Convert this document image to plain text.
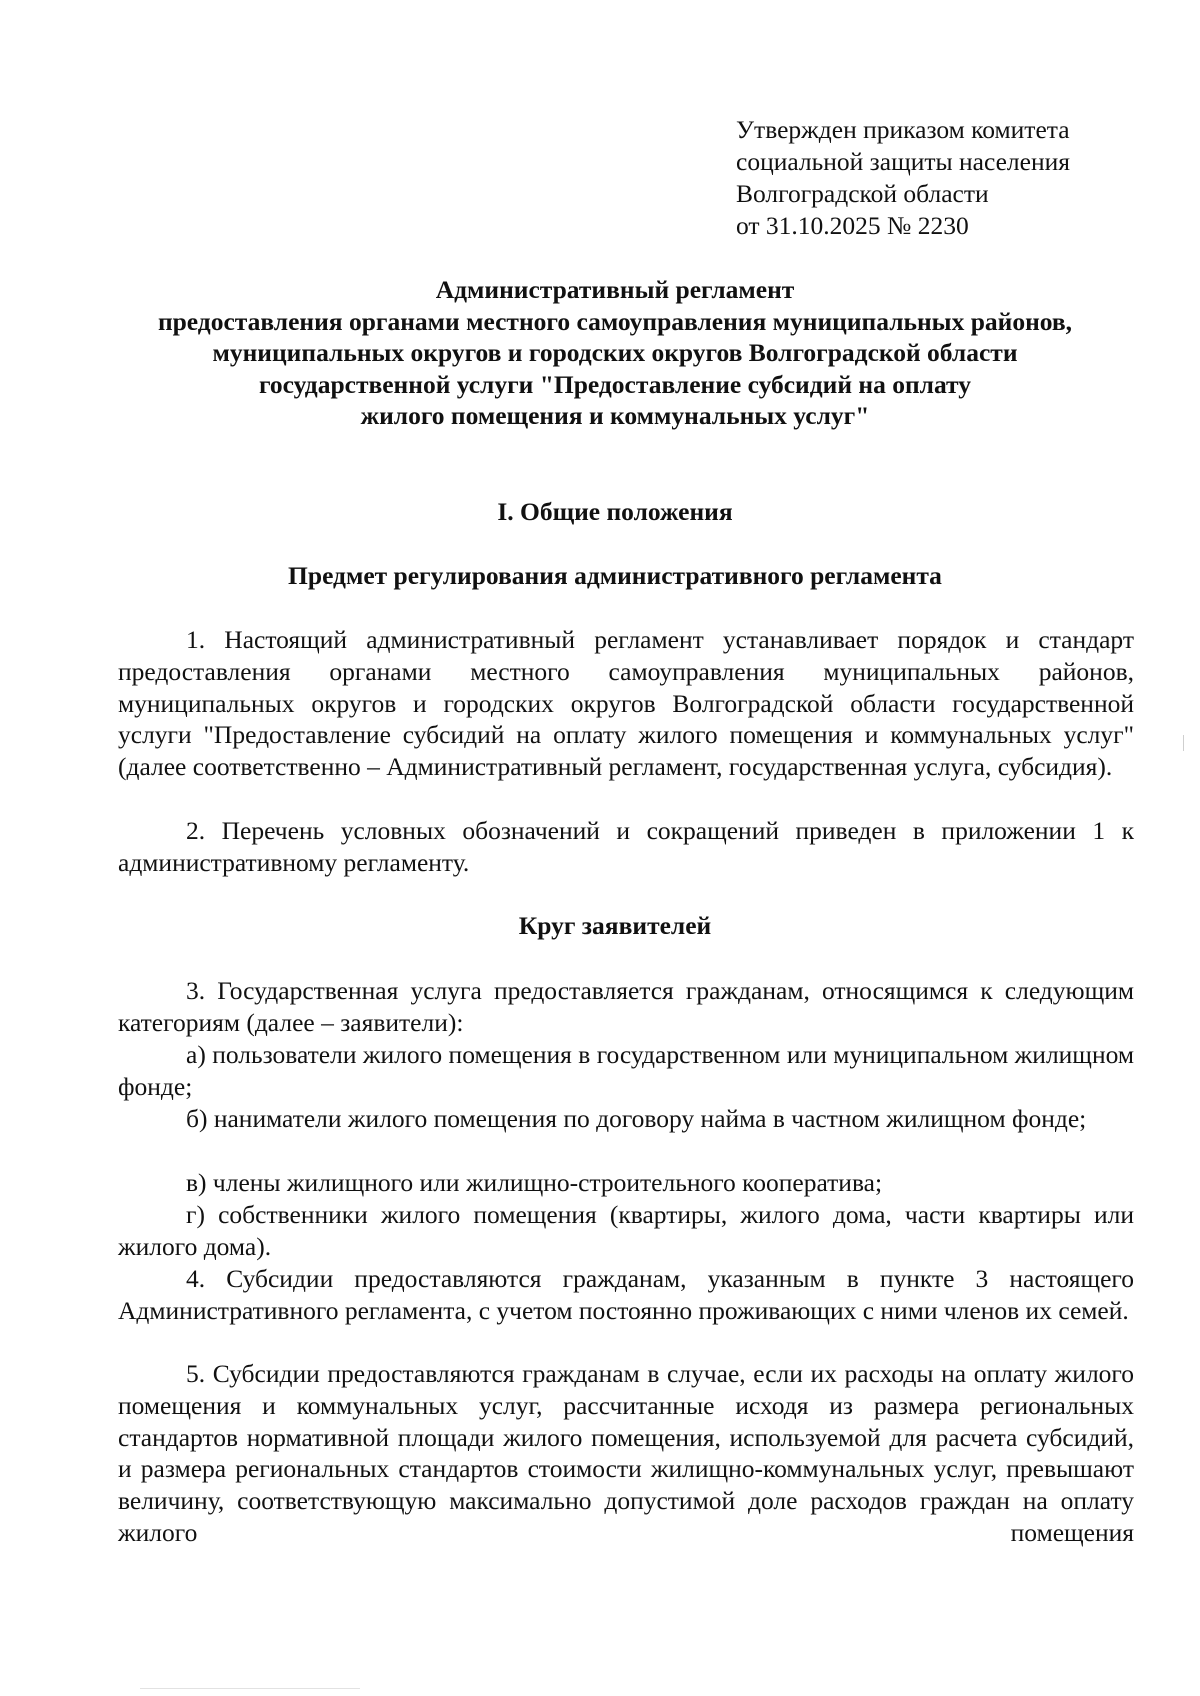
Утвержден приказом комитета
социальной защиты населения
Волгоградской области
от 31.10.2025 № 2230
Административный регламент
предоставления органами местного самоуправления муниципальных районов,
муниципальных округов и городских округов Волгоградской области
государственной услуги "Предоставление субсидий на оплату
жилого помещения и коммунальных услуг"
I. Общие положения
Предмет регулирования административного регламента
1. Настоящий административный регламент устанавливает порядок и стандарт предоставления органами местного самоуправления муниципальных районов, муниципальных округов и городских округов Волгоградской области государственной услуги "Предоставление субсидий на оплату жилого помещения и коммунальных услуг" (далее соответственно – Административный регламент, государственная услуга, субсидия).
2. Перечень условных обозначений и сокращений приведен в приложении 1 к административному регламенту.
Круг заявителей
3. Государственная услуга предоставляется гражданам, относящимся к следующим категориям (далее – заявители):
а) пользователи жилого помещения в государственном или муниципальном жилищном фонде;
б) наниматели жилого помещения по договору найма в частном жилищном фонде;
в) члены жилищного или жилищно-строительного кооператива;
г) собственники жилого помещения (квартиры, жилого дома, части квартиры или жилого дома).
4. Субсидии предоставляются гражданам, указанным в пункте 3 настоящего Административного регламента, с учетом постоянно проживающих с ними членов их семей.
5. Субсидии предоставляются гражданам в случае, если их расходы на оплату жилого помещения и коммунальных услуг, рассчитанные исходя из размера региональных стандартов нормативной площади жилого помещения, используемой для расчета субсидий, и размера региональных стандартов стоимости жилищно-коммунальных услуг, превышают величину, соответствующую максимально допустимой доле расходов граждан на оплату жилого помещения
